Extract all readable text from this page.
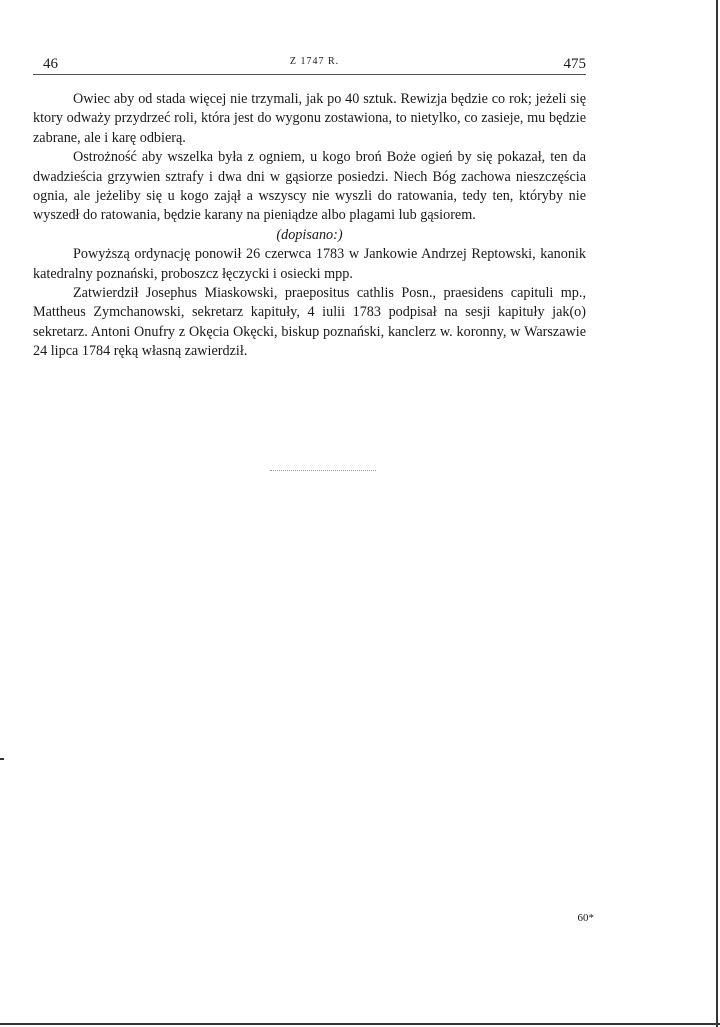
46	Z 1747 R.	475

Owiec aby od stada więcej nie trzymali, jak po 40 sztuk. Rewizja będzie co rok; jeżeli się ktory odważy przydrzeć roli, która jest do wygonu zostawiona, to nietylko, co zasieje, mu będzie zabrane, ale i karę odbierą.

Ostrożność aby wszelka była z ogniem, u kogo broń Boże ogień by się pokazał, ten da dwadzieścia grzywien sztrafy i dwa dni w gąsiorze posiedzi. Niech Bóg zachowa nieszczęścia ognia, ale jeżeliby się u kogo zajął a wszyscy nie wyszli do ratowania, tedy ten, któryby nie wyszedł do ratowania, będzie karany na pieniądze albo plagami lub gąsiorem.

(dopisano:)

Powyższą ordynację ponowił 26 czerwca 1783 w Jankowie Andrzej Reptowski, kanonik katedralny poznański, proboszcz łęczycki i osiecki mpp.

Zatwierdził Josephus Miaskowski, praepositus cathlis Posn., praesidens capituli mp., Mattheus Zymchanowski, sekretarz kapituły, 4 iulii 1783 podpisał na sesji kapituły jak(o) sekretarz. Antoni Onufry z Okęcia Okęcki, biskup poznański, kanclerz w. koronny, w Warszawie 24 lipca 1784 ręką własną zawierdził.

60*
